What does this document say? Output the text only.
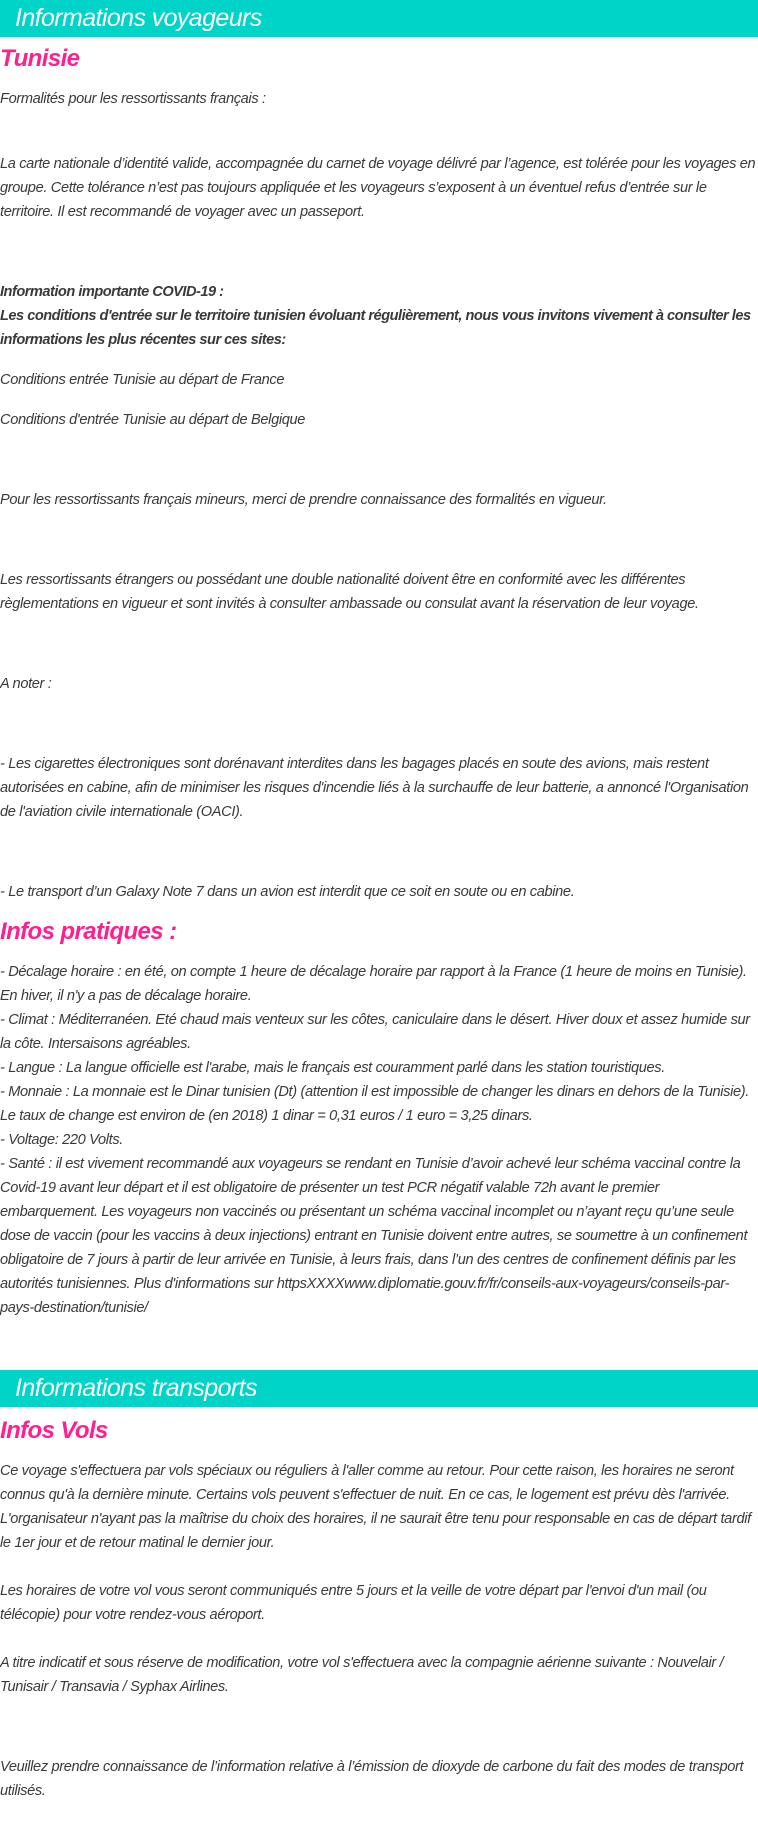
Informations voyageurs
Tunisie

Formalités pour les ressortissants français :

La carte nationale d’identité valide, accompagnée du carnet de voyage délivré par l’agence, est tolérée pour les voyages en groupe. Cette tolérance n’est pas toujours appliquée et les voyageurs s’exposent à un éventuel refus d’entrée sur le territoire. Il est recommandé de voyager avec un passeport.

Information importante COVID-19 :

Les conditions d'entrée sur le territoire tunisien évoluant régulièrement, nous vous invitons vivement à consulter les informations les plus récentes sur ces sites:

Conditions entrée Tunisie au départ de France

Conditions d'entrée Tunisie au départ de Belgique

Pour les ressortissants français mineurs, merci de prendre connaissance des formalités en vigueur.

Les ressortissants étrangers ou possédant une double nationalité doivent être en conformité avec les différentes règlementations en vigueur et sont invités à consulter ambassade ou consulat avant la réservation de leur voyage.

A noter :

- Les cigarettes électroniques sont dorénavant interdites dans les bagages placés en soute des avions, mais restent autorisées en cabine, afin de minimiser les risques d'incendie liés à la surchauffe de leur batterie, a annoncé l'Organisation de l'aviation civile internationale (OACI).

- Le transport d’un Galaxy Note 7 dans un avion est interdit que ce soit en soute ou en cabine.

Infos pratiques :

- Décalage horaire : en été, on compte 1 heure de décalage horaire par rapport à la France (1 heure de moins en Tunisie). En hiver, il n'y a pas de décalage horaire.

- Climat : Méditerranéen. Eté chaud mais venteux sur les côtes, caniculaire dans le désert. Hiver doux et assez humide sur la côte. Intersaisons agréables.

- Langue : La langue officielle est l'arabe, mais le français est couramment parlé dans les station touristiques.

- Monnaie : La monnaie est le Dinar tunisien (Dt) (attention il est impossible de changer les dinars en dehors de la Tunisie). Le taux de change est environ de (en 2018) 1 dinar = 0,31 euros / 1 euro = 3,25 dinars.

- Voltage: 220 Volts.

- Santé : il est vivement recommandé aux voyageurs se rendant en Tunisie d’avoir achevé leur schéma vaccinal contre la Covid-19 avant leur départ et il est obligatoire de présenter un test PCR négatif valable 72h avant le premier embarquement. Les voyageurs non vaccinés ou présentant un schéma vaccinal incomplet ou n’ayant reçu qu’une seule dose de vaccin (pour les vaccins à deux injections) entrant en Tunisie doivent entre autres, se soumettre à un confinement obligatoire de 7 jours à partir de leur arrivée en Tunisie, à leurs frais, dans l’un des centres de confinement définis par les autorités tunisiennes. Plus d'informations sur httpsXXXXwww.diplomatie.gouv.fr/fr/conseils-aux-voyageurs/conseils-par-pays-destination/tunisie/

Informations transports
Infos Vols

Ce voyage s'effectuera par vols spéciaux ou réguliers à l'aller comme au retour. Pour cette raison, les horaires ne seront connus qu'à la dernière minute. Certains vols peuvent s'effectuer de nuit. En ce cas, le logement est prévu dès l'arrivée. L'organisateur n'ayant pas la maîtrise du choix des horaires, il ne saurait être tenu pour responsable en cas de départ tardif le 1er jour et de retour matinal le dernier jour.

Les horaires de votre vol vous seront communiqués entre 5 jours et la veille de votre départ par l'envoi d'un mail (ou télécopie) pour votre rendez-vous aéroport.

A titre indicatif et sous réserve de modification, votre vol s'effectuera avec la compagnie aérienne suivante : Nouvelair / Tunisair / Transavia / Syphax Airlines.

Veuillez prendre connaissance de l’information relative à l’émission de dioxyde de carbone du fait des modes de transport utilisés.
